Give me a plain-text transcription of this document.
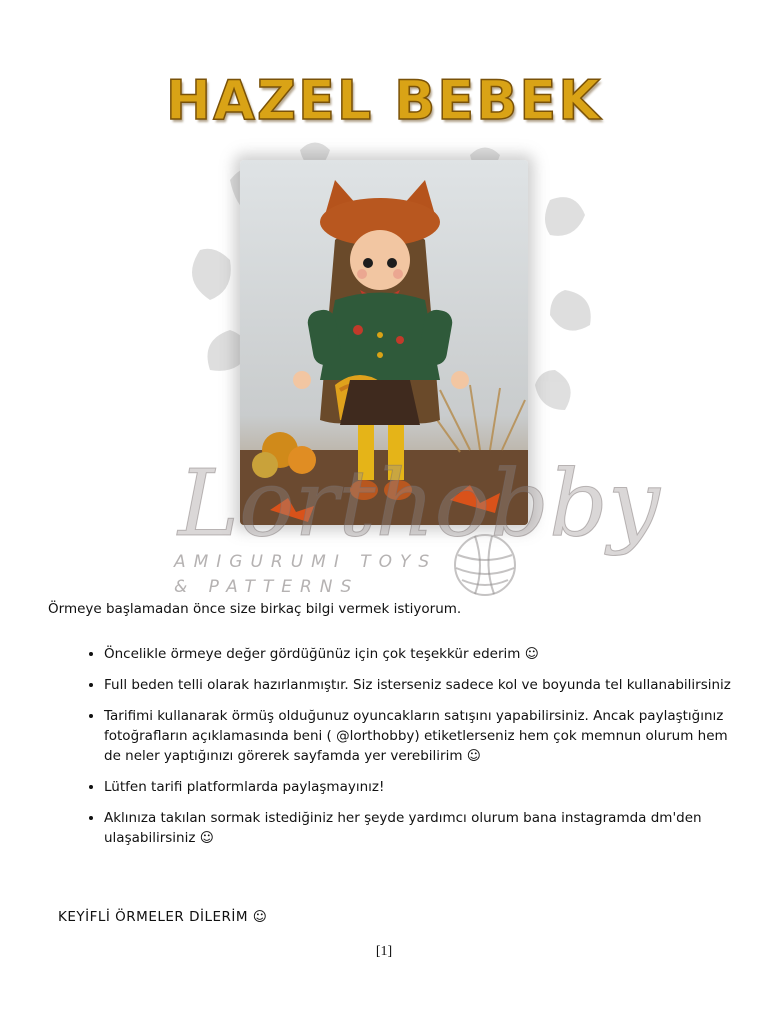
HAZEL BEBEK
Lorthobby
AMIGURUMI TOYS
& PATTERNS
Örmeye başlamadan önce size birkaç bilgi vermek istiyorum.
• Öncelikle örmeye değer gördüğünüz için çok teşekkür ederim ☺
• Full beden telli olarak hazırlanmıştır. Siz isterseniz sadece kol ve boyunda tel kullanabilirsiniz
• Tarifimi kullanarak örmüş olduğunuz oyuncakların satışını yapabilirsiniz. Ancak paylaştığınız fotoğrafların açıklamasında beni ( @lorthobby) etiketlerseniz hem çok memnun olurum hem de neler yaptığınızı görerek sayfamda yer verebilirim ☺
• Lütfen tarifi platformlarda paylaşmayınız!
• Aklınıza takılan sormak istediğiniz her şeyde yardımcı olurum bana instagramda dm'den ulaşabilirsiniz ☺
KEYİFLİ ÖRMELER DİLERİM ☺
[1]
